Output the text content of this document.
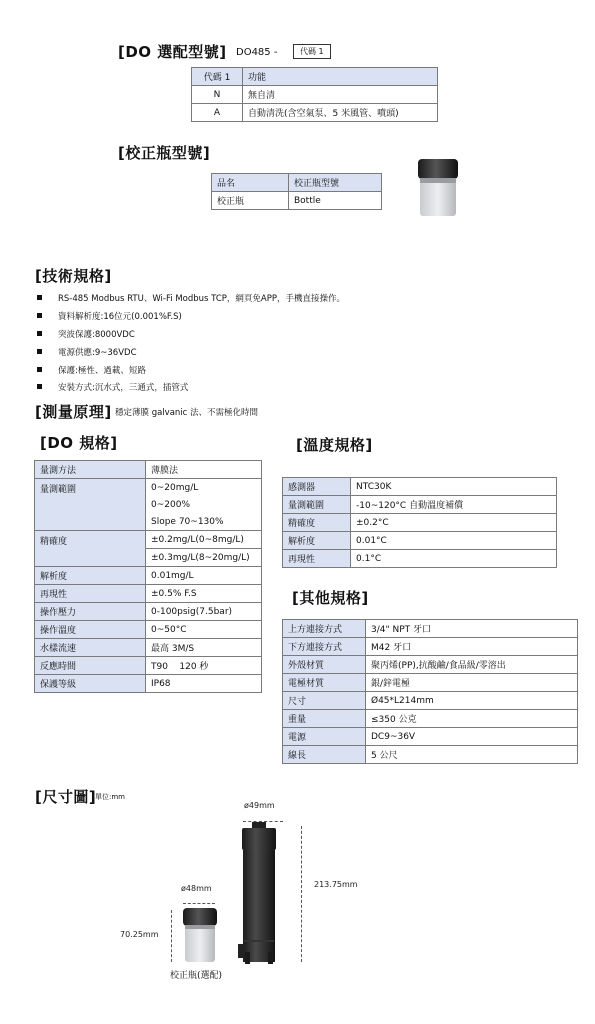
[DO 選配型號] DO485 -	代碼 1
代碼 1	功能
N	無自清
A	自動清洗(含空氣泵、5 米風管、噴頭)
[校正瓶型號]
品名	校正瓶型號
校正瓶	Bottle
[技術規格]
RS-485 Modbus RTU、Wi-Fi Modbus TCP，網頁免APP，手機直接操作。
資料解析度:16位元(0.001%F.S)
突波保護:8000VDC
電源供應:9~36VDC
保護:極性、過載、短路
安裝方式:沉水式，三通式，插管式
[測量原理] 穩定薄膜 galvanic 法、不需極化時間
[DO 規格]
量測方法	薄膜法
量測範圍	0~20mg/L
	0~200%
	Slope 70~130%
精確度	±0.2mg/L(0~8mg/L)
	±0.3mg/L(8~20mg/L)
解析度	0.01mg/L
再現性	±0.5% F.S
操作壓力	0-100psig(7.5bar)
操作溫度	0~50°C
水樣流速	最高 3M/S
反應時間	T90    120 秒
保護等級	IP68
[溫度規格]
感測器	NTC30K
量測範圍	-10~120°C 自動溫度補償
精確度	±0.2°C
解析度	0.01°C
再現性	0.1°C
[其他規格]
上方連接方式	3/4" NPT 牙口
下方連接方式	M42 牙口
外殼材質	聚丙烯(PP),抗酸鹼/食品級/零溶出
電極材質	銀/鋅電極
尺寸	Ø45*L214mm
重量	≤350 公克
電源	DC9~36V
線長	5 公尺
[尺寸圖]
單位:mm
ø49mm
213.75mm
ø48mm
70.25mm
校正瓶(選配)
